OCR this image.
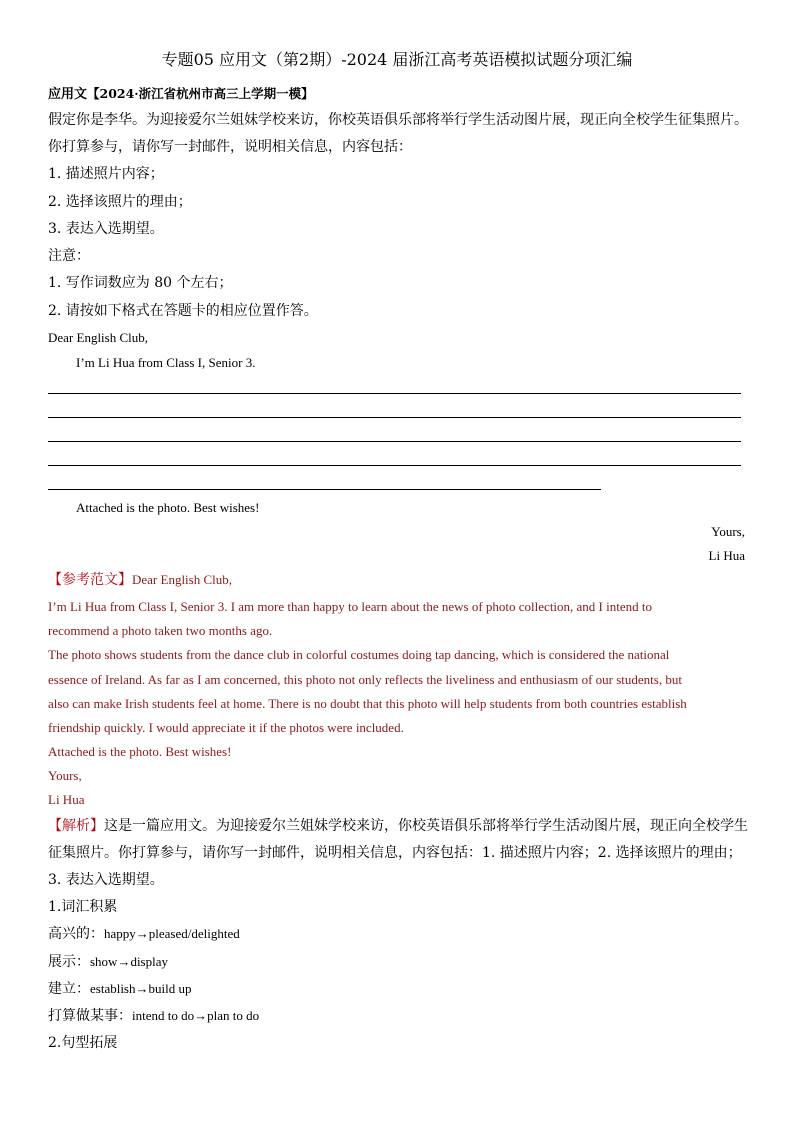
专题05 应用文（第2期）-2024 届浙江高考英语模拟试题分项汇编
应用文【2024·浙江省杭州市高三上学期一模】
假定你是李华。为迎接爱尔兰姐妹学校来访，你校英语俱乐部将举行学生活动图片展，现正向全校学生征集照片。
你打算参与，请你写一封邮件，说明相关信息，内容包括：
1. 描述照片内容；
2. 选择该照片的理由；
3. 表达入选期望。
注意：
1. 写作词数应为 80 个左右；
2. 请按如下格式在答题卡的相应位置作答。
Dear English Club,
I’m Li Hua from Class I, Senior 3.
Attached is the photo. Best wishes!
Yours,
Li Hua
【参考范文】Dear English Club,
I’m Li Hua from Class I, Senior 3. I am more than happy to learn about the news of photo collection, and I intend to
recommend a photo taken two months ago.
The photo shows students from the dance club in colorful costumes doing tap dancing, which is considered the national
essence of Ireland. As far as I am concerned, this photo not only reflects the liveliness and enthusiasm of our students, but
also can make Irish students feel at home. There is no doubt that this photo will help students from both countries establish
friendship quickly. I would appreciate it if the photos were included.
Attached is the photo. Best wishes!
Yours,
Li Hua
【解析】这是一篇应用文。为迎接爱尔兰姐妹学校来访，你校英语俱乐部将举行学生活动图片展，现正向全校学生
征集照片。你打算参与，请你写一封邮件，说明相关信息，内容包括：1. 描述照片内容；2. 选择该照片的理由；
3. 表达入选期望。
1.词汇积累
高兴的：happy→pleased/delighted
展示：show→display
建立：establish→build up
打算做某事：intend to do→plan to do
2.句型拓展
